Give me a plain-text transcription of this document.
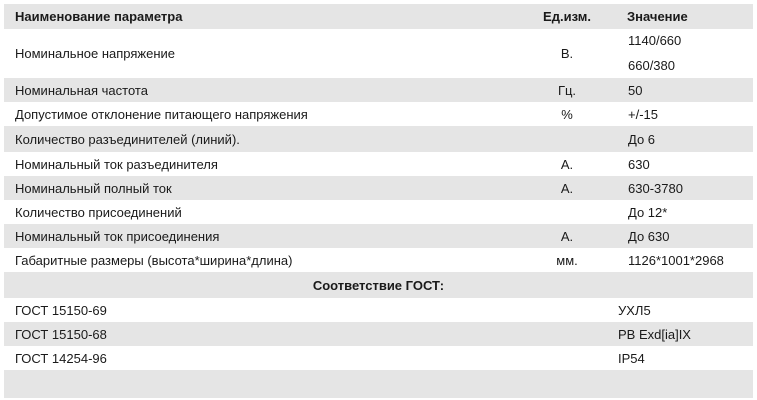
Наименование параметра	Ед.изм.	Значение
Номинальное напряжение	В.	1140/660
660/380

Номинальная частота	Гц.	50
Допустимое отклонение питающего напряжения	%	+/-15
Количество разъединителей (линий).		До 6
Номинальный ток разъединителя	А.	630
Номинальный полный ток	А.	630-3780
Количество присоединений		До 12*
Номинальный ток присоединения	А.	До 630
Габаритные размеры (высота*ширина*длина)	мм.	1126*1001*2968
Соответствие ГОСТ:		
ГОСТ 15150-69		УХЛ5
ГОСТ 15150-68		РВ Exd[ia]IX
ГОСТ 14254-96		IP54
